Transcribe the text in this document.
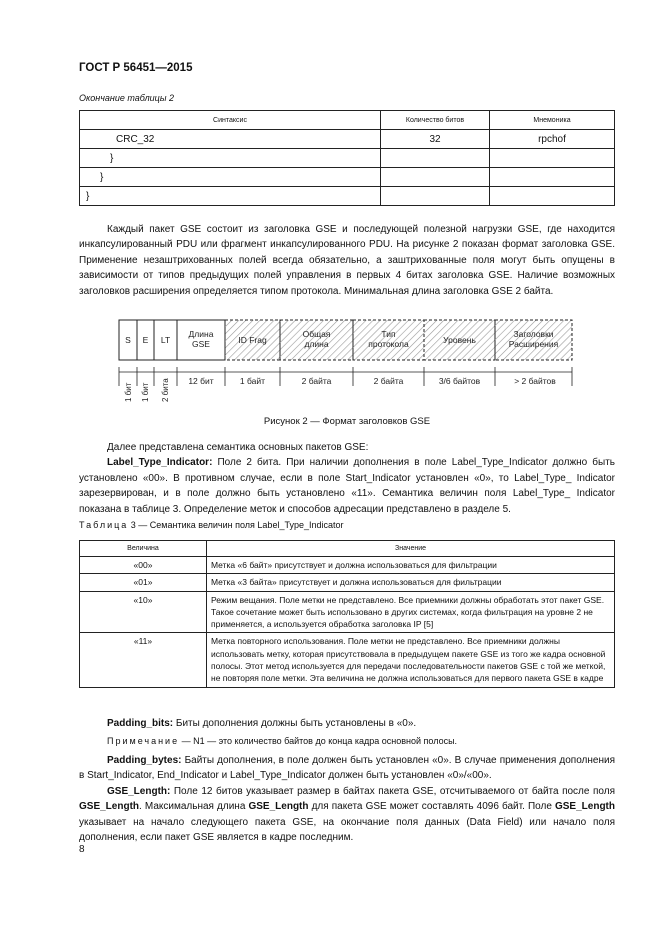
ГОСТ Р 56451—2015
Окончание таблицы 2
Синтаксис	Количество битов	Мнемоника
CRC_32	32	rpchof
}		
}		
}		

Каждый пакет GSE состоит из заголовка GSE и последующей полезной нагрузки GSE, где находится инкапсулированный PDU или фрагмент инкапсулированного PDU. На рисунке 2 показан формат заголовка GSE. Применение незаштрихованных полей всегда обязательно, а заштрихованные поля могут быть опущены в зависимости от типов предыдущих полей управления в первых 4 битах заголовка GSE. Наличие возможных заголовков расширения определяется типом протокола. Минимальная длина заголовка GSE 2 байта.

S E LT
Длина GSE	ID Frag
Общая длина
Тип протокола	Уровень
Заголовки Расширения
1 бит 1 бит 2 бита 12 бит	1 байт	2 байта	2 байта	3/6 байтов	> 2 байтов
Рисунок 2 — Формат заголовков GSE

Далее представлена семантика основных пакетов GSE:

Label_Type_Indicator: Поле 2 бита. При наличии дополнения в поле Label_Type_Indicator должно быть установлено «00». В противном случае, если в поле Start_Indicator установлен «0», то Label_Type_ Indicator зарезервирован, и в поле должно быть установлено «11». Семантика величин поля Label_Type_ Indicator показана в таблице 3. Определение меток и способов адресации представлено в разделе 5.

Таблица 3 — Семантика величин поля Label_Type_Indicator
Величина	Значение
«00»	Метка «6 байт» присутствует и должна использоваться для фильтрации
«01»	Метка «3 байта» присутствует и должна использоваться для фильтрации
«10»	Режим вещания. Поле метки не представлено. Все приемники должны обработать этот пакет GSE. Такое сочетание может быть использовано в других системах, когда фильтрация на уровне 2 не применяется, а используется обработка заголовка IP [5]
«11»	Метка повторного использования. Поле метки не представлено. Все приемники должны использовать метку, которая присутствовала в предыдущем пакете GSE из того же кадра основной полосы. Этот метод используется для передачи последовательности пакетов GSE с той же меткой, не повторяя поле метки. Эта величина не должна использоваться для первого пакета GSE в кадре

Padding_bits: Биты дополнения должны быть установлены в «0».

Примечание — N1 — это количество байтов до конца кадра основной полосы.

Padding_bytes: Байты дополнения, в поле должен быть установлен «0». В случае применения дополнения в Start_Indicator, End_Indicator и Label_Type_Indicator должен быть установлен «0»/«00».

GSE_Length: Поле 12 битов указывает размер в байтах пакета GSE, отсчитываемого от байта после поля GSE_Length. Максимальная длина GSE_Length для пакета GSE может составлять 4096 байт. Поле GSE_Length указывает на начало следующего пакета GSE, на окончание поля данных (Data Field) или начало поля дополнения, если пакет GSE является в кадре последним.

8
